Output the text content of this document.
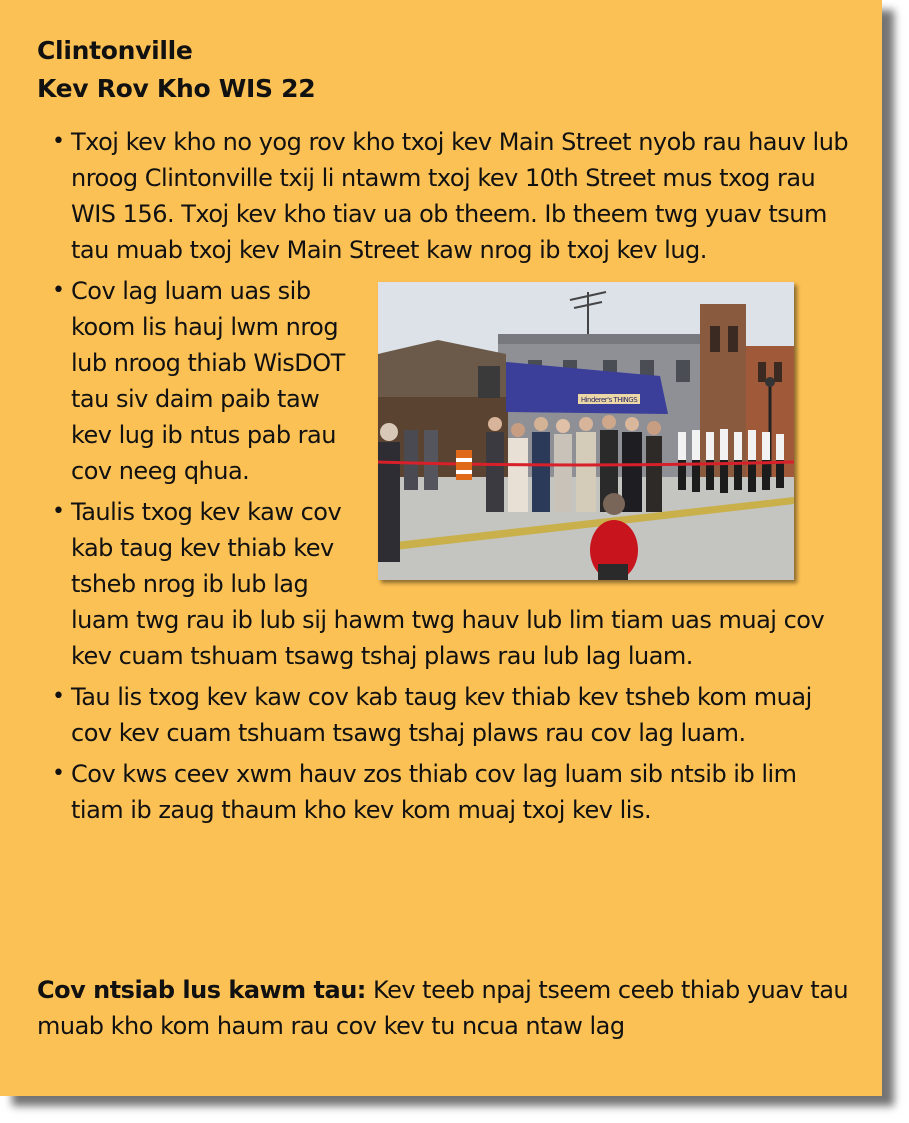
Clintonville
Kev Rov Kho WIS 22
• Txoj kev kho no yog rov kho txoj kev Main Street nyob rau hauv lub nroog Clintonville txij li ntawm txoj kev 10th Street mus txog rau WIS 156. Txoj kev kho tiav ua ob theem. Ib theem twg yuav tsum tau muab txoj kev Main Street kaw nrog ib txoj kev lug.
•
Hinderer's THINGS
Cov lag luam uas sib koom lis hauj lwm nrog lub nroog thiab WisDOT tau siv daim paib taw kev lug ib ntus pab rau cov neeg qhua.
• Taulis txog kev kaw cov kab taug kev thiab kev tsheb nrog ib lub lag luam twg rau ib lub sij hawm twg hauv lub lim tiam uas muaj cov kev cuam tshuam tsawg tshaj plaws rau lub lag luam.
• Tau lis txog kev kaw cov kab taug kev thiab kev tsheb kom muaj cov kev cuam tshuam tsawg tshaj plaws rau cov lag luam.
• Cov kws ceev xwm hauv zos thiab cov lag luam sib ntsib ib lim tiam ib zaug thaum kho kev kom muaj txoj kev lis.

Cov ntsiab lus kawm tau: Kev teeb npaj tseem ceeb thiab yuav tau muab kho kom haum rau cov kev tu ncua ntaw lag
